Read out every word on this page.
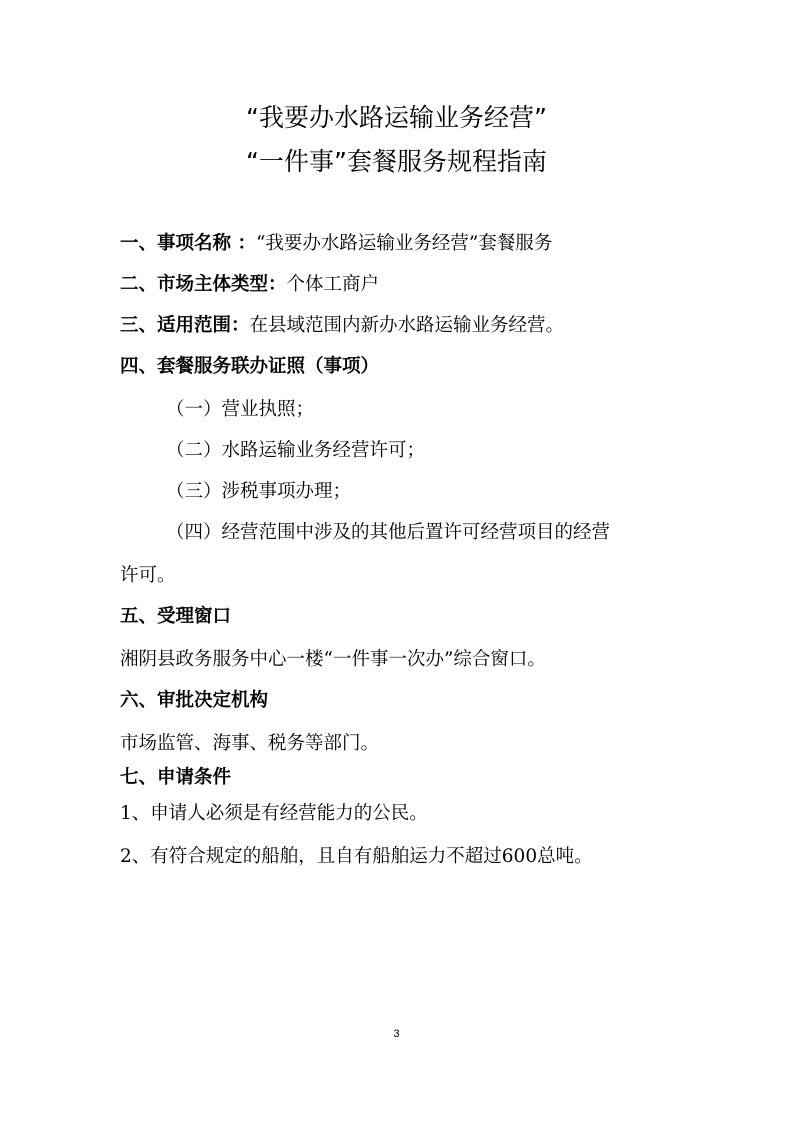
“我要办水路运输业务经营”
“一件事”套餐服务规程指南
一、事项名称 ：“我要办水路运输业务经营”套餐服务
二、市场主体类型：个体工商户
三、适用范围：在县域范围内新办水路运输业务经营。
四、套餐服务联办证照（事项）
（一）营业执照；
（二）水路运输业务经营许可；
（三）涉税事项办理；
（四）经营范围中涉及的其他后置许可经营项目的经营
许可。
五、受理窗口
湘阴县政务服务中心一楼“一件事一次办”综合窗口。
六、审批决定机构
市场监管、海事、税务等部门。
七、申请条件
1、申请人必须是有经营能力的公民。
2、有符合规定的船舶，且自有船舶运力不超过600总吨。
3
